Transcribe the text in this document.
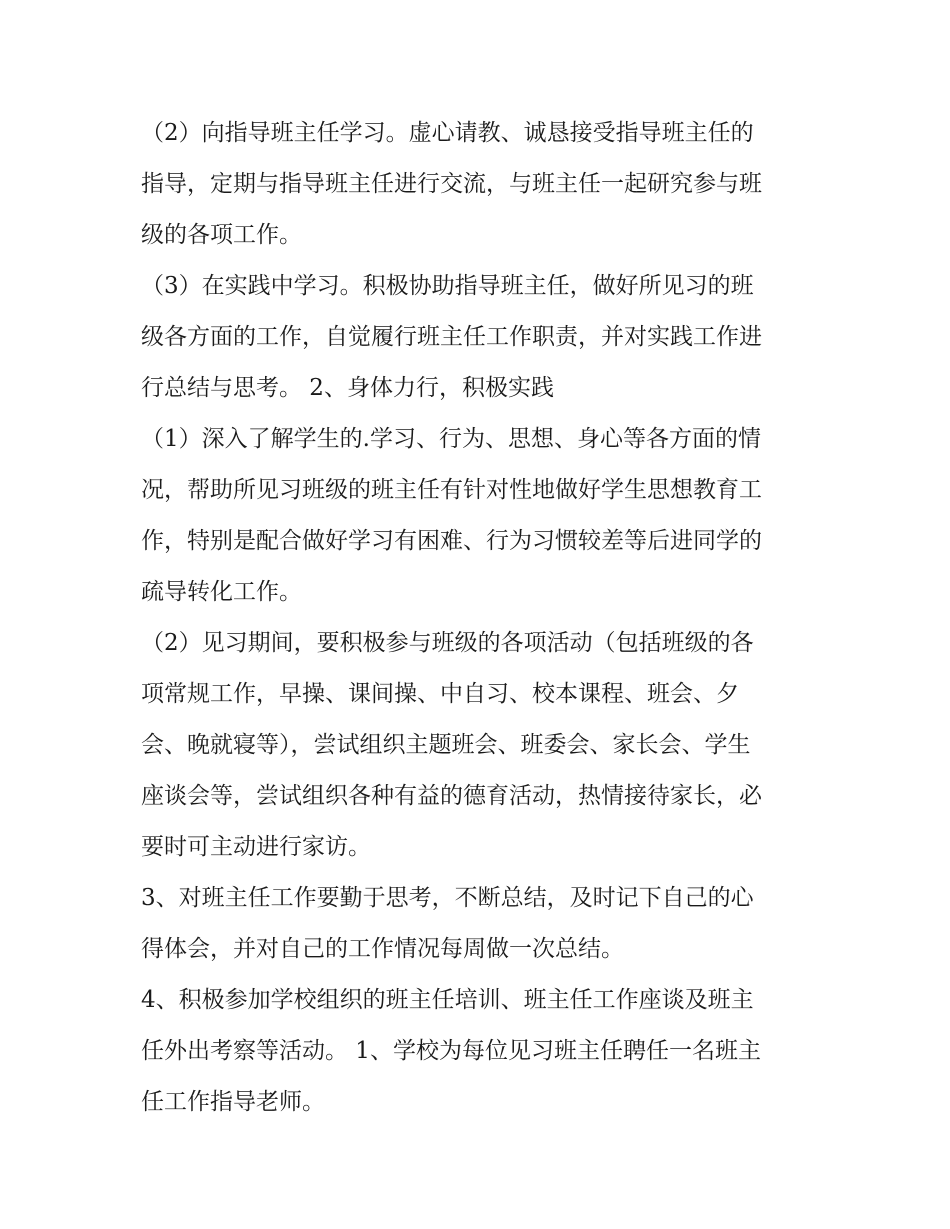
（2）向指导班主任学习。虚心请教、诚恳接受指导班主任的
指导，定期与指导班主任进行交流，与班主任一起研究参与班
级的各项工作。

（3）在实践中学习。积极协助指导班主任，做好所见习的班
级各方面的工作，自觉履行班主任工作职责，并对实践工作进
行总结与思考。 2、身体力行，积极实践

（1）深入了解学生的.学习、行为、思想、身心等各方面的情
况，帮助所见习班级的班主任有针对性地做好学生思想教育工
作，特别是配合做好学习有困难、行为习惯较差等后进同学的
疏导转化工作。

（2）见习期间，要积极参与班级的各项活动（包括班级的各
项常规工作，早操、课间操、中自习、校本课程、班会、夕
会、晚就寝等），尝试组织主题班会、班委会、家长会、学生
座谈会等，尝试组织各种有益的德育活动，热情接待家长，必
要时可主动进行家访。

3、对班主任工作要勤于思考，不断总结，及时记下自己的心
得体会，并对自己的工作情况每周做一次总结。

4、积极参加学校组织的班主任培训、班主任工作座谈及班主
任外出考察等活动。 1、学校为每位见习班主任聘任一名班主
任工作指导老师。
